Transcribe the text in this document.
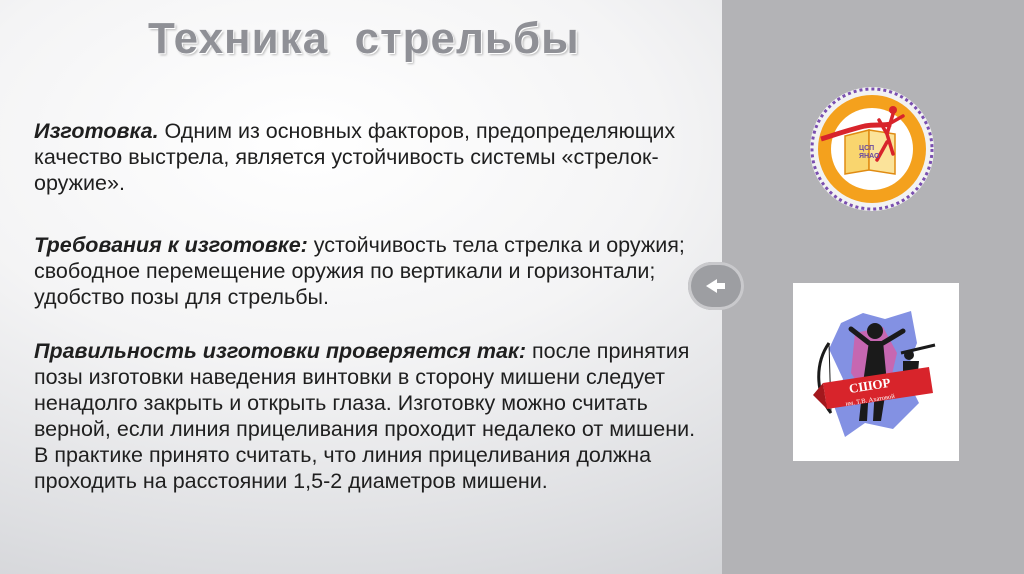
Техника  стрельбы

Изготовка. Одним из основных факторов, предопределяющих качество выстрела, является устойчивость системы «стрелок-оружие».

Требования к изготовке: устойчивость тела стрелка и оружия; свободное перемещение оружия по вертикали и горизонтали; удобство позы для стрельбы.

Правильность изготовки проверяется так: после принятия позы изготовки наведения винтовки в сторону мишени следует ненадолго закрыть и открыть глаза. Изготовку можно считать верной, если линия прицеливания проходит недалеко от мишени.

В практике принято считать, что линия прицеливания должна проходить на расстоянии 1,5-2 диаметров мишени.

ЦСП
ЯНАО
СШОР
им. Т.В. Ахатовой
